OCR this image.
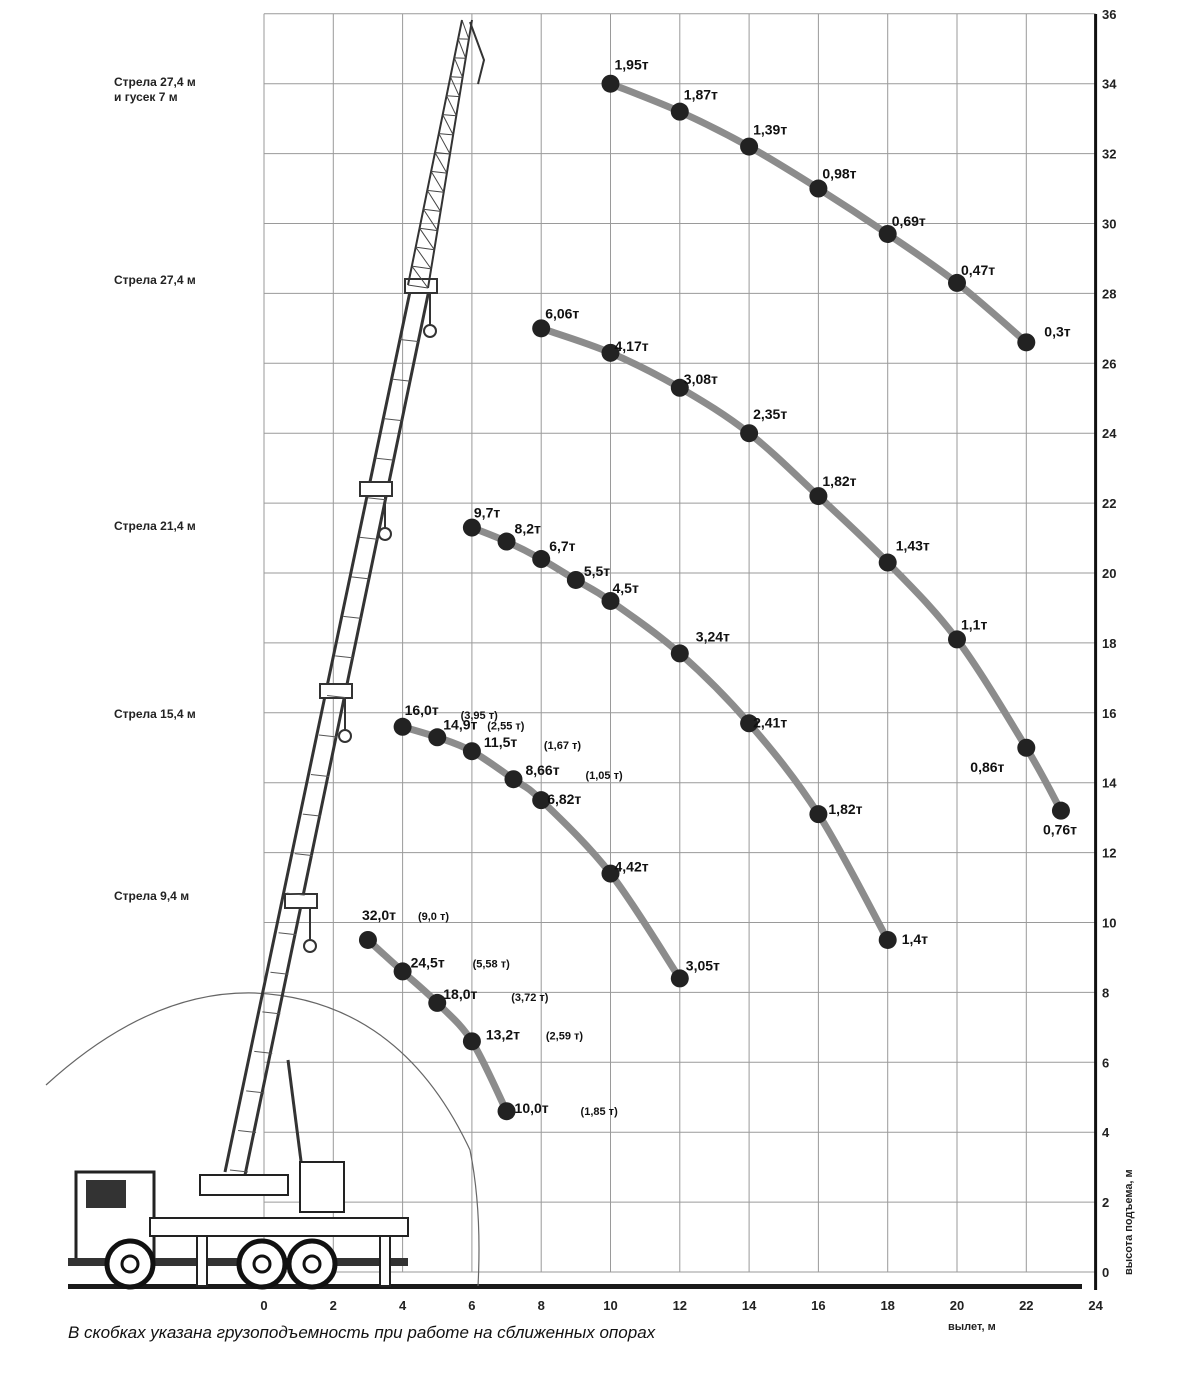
0	2	4	6	8	10	12	14	16	18	20	22	24
0
2
4
6
8
10
12
14
16
18
20
22
24
26
28
30
32
34
36
1,95т
1,87т
1,39т
0,98т
0,69т
0,47т
0,3т
6,06т
4,17т
3,08т
2,35т
1,82т
1,43т
1,1т
0,86т
0,76т
9,7т
8,2т
6,7т
5,5т
4,5т
3,24т
2,41т
1,82т
1,4т
16,0т (3,95 т)
14,9т (2,55 т)
11,5т (1,67 т)
8,66т (1,05 т)
6,82т
4,42т
3,05т
32,0т (9,0 т)
24,5т	(5,58 т)
18,0т	(3,72 т)
13,2т (2,59 т)
10,0т	(1,85 т)
Стрела 27,4 м
и гусек 7 м
Стрела 27,4 м
Стрела 21,4 м
Стрела 15,4 м
Стрела 9,4 м
вылет, м
высота подъема, м
В скобках указана грузоподъемность при работе на сближенных опорах
